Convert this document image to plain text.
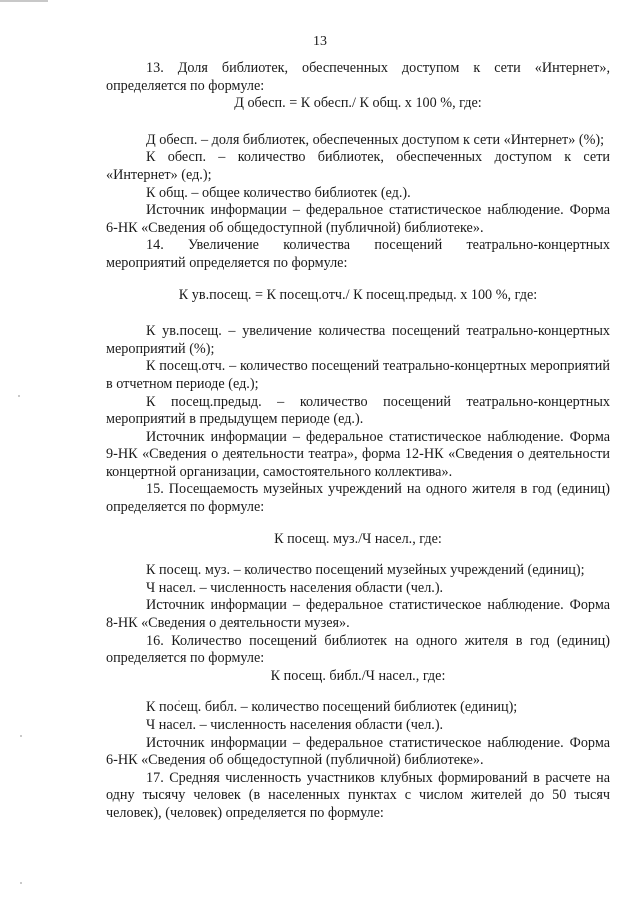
13

13. Доля библиотек, обеспеченных доступом к сети «Интернет», определяется по формуле:

Д обесп. = К обесп./ К общ. х 100 %, где:

Д обесп. – доля библиотек, обеспеченных доступом к сети «Интернет» (%);

К обесп. – количество библиотек, обеспеченных доступом к сети «Интернет» (ед.);

К общ. – общее количество библиотек (ед.).

Источник информации – федеральное статистическое наблюдение. Форма 6-НК «Сведения об общедоступной (публичной) библиотеке».

14. Увеличение количества посещений театрально-концертных мероприятий определяется по формуле:

К ув.посещ. = К посещ.отч./ К посещ.предыд. х 100 %, где:

К ув.посещ. – увеличение количества посещений театрально-концертных мероприятий (%);

К посещ.отч. – количество посещений театрально-концертных мероприятий в отчетном периоде (ед.);

К посещ.предыд. – количество посещений театрально-концертных мероприятий в предыдущем периоде (ед.).

Источник информации – федеральное статистическое наблюдение. Форма 9-НК «Сведения о деятельности театра», форма 12-НК «Сведения о деятельности концертной организации, самостоятельного коллектива».

15. Посещаемость музейных учреждений на одного жителя в год (единиц) определяется по формуле:

К посещ. муз./Ч насел., где:

К посещ. муз. – количество посещений музейных учреждений (единиц);

Ч насел. – численность населения области (чел.).

Источник информации – федеральное статистическое наблюдение. Форма 8-НК «Сведения о деятельности музея».

16. Количество посещений библиотек на одного жителя в год (единиц) определяется по формуле:

К посещ. библ./Ч насел., где:

К посещ. библ. – количество посещений библиотек (единиц);

Ч насел. – численность населения области (чел.).

Источник информации – федеральное статистическое наблюдение. Форма 6-НК «Сведения об общедоступной (публичной) библиотеке».

17. Средняя численность участников клубных формирований в расчете на одну тысячу человек (в населенных пунктах с числом жителей до 50 тысяч человек), (человек) определяется по формуле:
